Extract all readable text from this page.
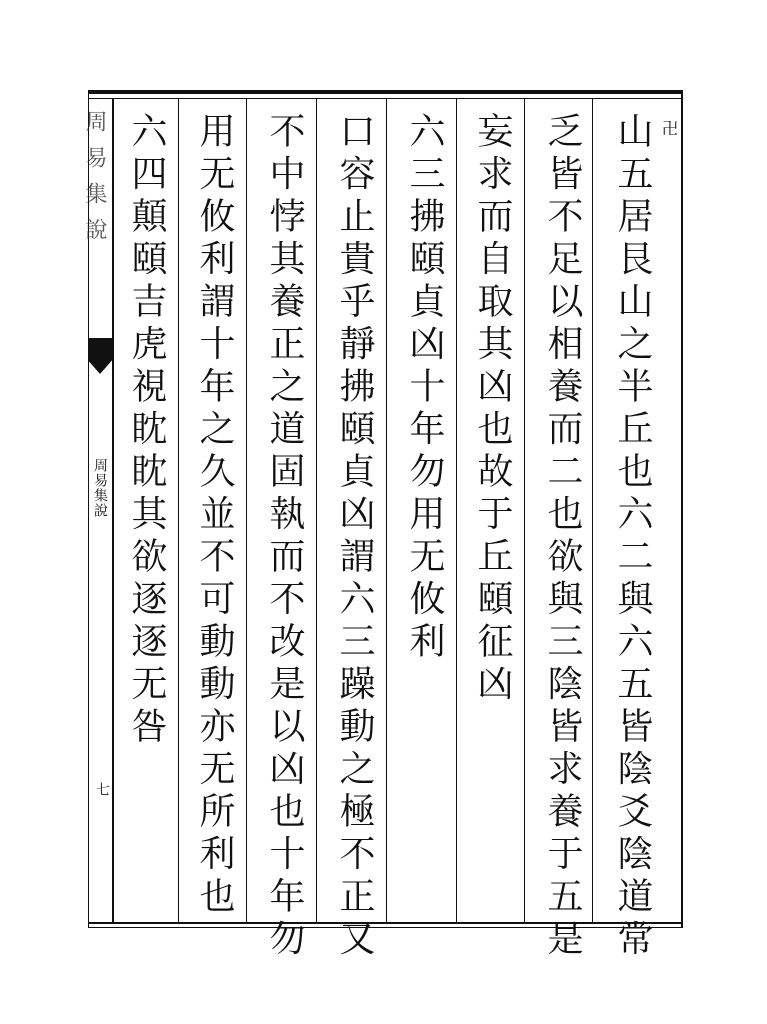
周易集說
周易集說
七
卍
山五居艮山之半丘也六二與六五皆陰爻陰道常
乏皆不足以相養而二也欲與三陰皆求養于五是
妄求而自取其凶也故于丘頤征凶
六三拂頤貞凶十年勿用无攸利
口容止貴乎靜拂頤貞凶謂六三躁動之極不正又
不中悖其養正之道固執而不改是以凶也十年勿
用无攸利謂十年之久並不可動動亦无所利也
六四顛頤吉虎視眈眈其欲逐逐无咎
